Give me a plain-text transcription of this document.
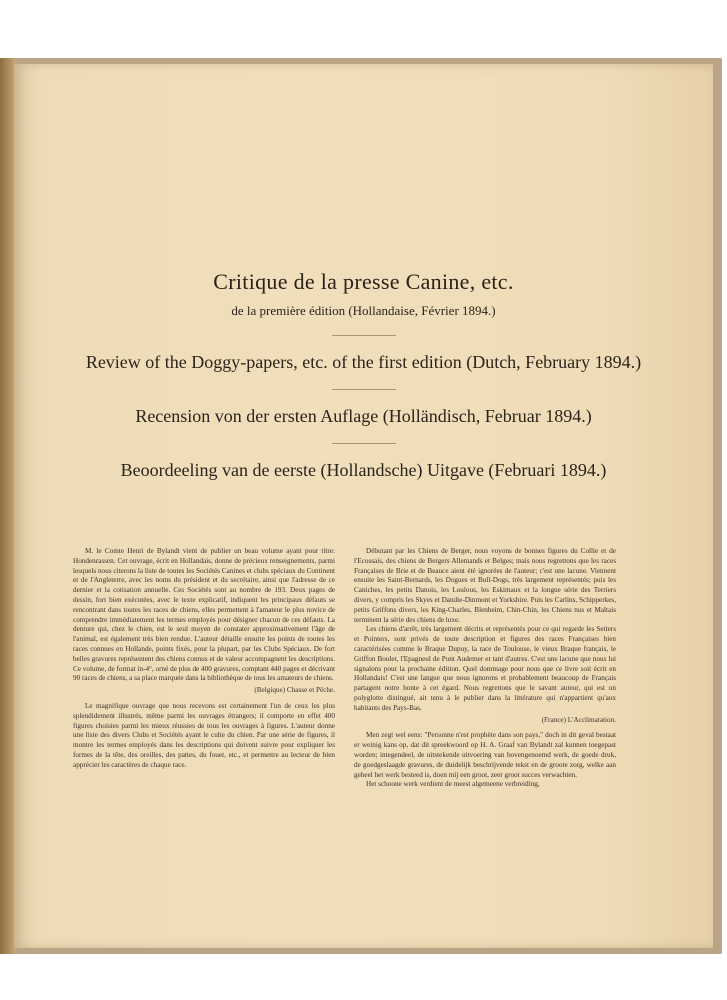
Critique de la presse Canine, etc.
de la première édition (Hollandaise, Février 1894.)
Review of the Doggy-papers, etc. of the first edition (Dutch, February 1894.)
Recension von der ersten Auflage (Holländisch, Februar 1894.)
Beoordeeling van de eerste (Hollandsche) Uitgave (Februari 1894.)

M. le Comte Henri de Bylandt vient de publier un beau volume ayant pour titre: Hondenrassen. Cet ouvrage, écrit en Hollandais, donne de précieux renseignements, parmi lesquels nous citerons la liste de toutes les Sociétés Canines et clubs spéciaux du Continent et de l'Angleterre, avec les noms du président et du secrétaire, ainsi que l'adresse de ce dernier et la cotisation annuelle. Ces Sociétés sont au nombre de 193. Deux pages de dessin, fort bien exécutées, avec le texte explicatif, indiquent les principaux défauts se rencontrant dans toutes les races de chiens, elles permettent à l'amateur le plus novice de comprendre immédiatement les termes employés pour désigner chacun de ces défauts. La denture qui, chez le chien, est le seul moyen de constater approximativement l'âge de l'animal, est également très bien rendue. L'auteur détaille ensuite les points de toutes les races connues en Hollande, points fixés, pour la plupart, par les Clubs Spéciaux. De fort belles gravures représentent des chiens connus et de valeur accompagnent les descriptions. Ce volume, de format in-4°, orné de plus de 400 gravures, comptant 440 pages et décrivant 90 races de chiens, a sa place marquée dans la bibliothèque de tous les amateurs de chiens.

(Belgique) Chasse et Pêche.

Le magnifique ouvrage que nous recevons est certainement l'un de ceux les plus splendidement illustrés, même parmi les ouvrages étrangers; il comporte en effet 400 figures choisies parmi les mieux réussies de tous les ouvrages à figures. L'auteur donne une liste des divers Clubs et Sociétés ayant le culte du chien. Par une série de figures, il montre les termes employés dans les descriptions qui doivent suivre pour expliquer les formes de la tête, des oreilles, des pattes, du fouet, etc., et permettre au lecteur de bien apprécier les caractères de chaque race.

Débutant par les Chiens de Berger, nous voyons de bonnes figures du Collie et de l'Ecossais, des chiens de Bergers Allemands et Belges; mais nous regrettons que les races Françaises de Brie et de Beauce aient été ignorées de l'auteur; c'est une lacune. Viennent ensuite les Saint-Bernards, les Dogues et Bull-Dogs, très largement représentés; puis les Caniches, les petits Danois, les Loulous, les Eskimaux et la longue série des Terriers divers, y compris les Skyes et Dandie-Dinmont et Yorkshire. Puis les Carlins, Schipperkes, petits Griffons divers, les King-Charles, Blenheim, Chin-Chin, les Chiens nus et Maltais terminent la série des chiens de luxe.

Les chiens d'arrêt, très largement décrits et représentés pour ce qui regarde les Setters et Pointers, sont privés de toute description et figures des races Françaises bien caractérisées comme le Braque Dupuy, la race de Toulouse, le vieux Braque français, le Griffon Boulet, l'Epagneul de Pont Audemer et tant d'autres. C'est une lacune que nous lui signalons pour la prochaine édition. Quel dommage pour nous que ce livre soit écrit en Hollandais! C'est une langue que nous ignorons et probablement beaucoup de Français partagent notre honte à cet égard. Nous regrettons que le savant auteur, qui est un polyglotte distingué, ait tenu à le publier dans la littérature qui n'appartient qu'aux habitants des Pays-Bas.

(France) L'Acclimatation.

Men zegt wel eens: "Personne n'est prophète dans son pays," doch in dit geval bestaat er weinig kans op, dat dit spreekwoord op H. A. Graaf van Bylandt zal kunnen toegepast worden; integendeel, de uitstekende uitvoering van bovengenoemd werk, de goede druk, de goedgeslaagde gravures, de duidelijk beschrijvende tekst en de groote zorg, welke aan geheel het werk besteed is, doen mij een groot, zeer groot succes verwachten.

Het schoone werk verdient de meest algemeene verbreiding,
